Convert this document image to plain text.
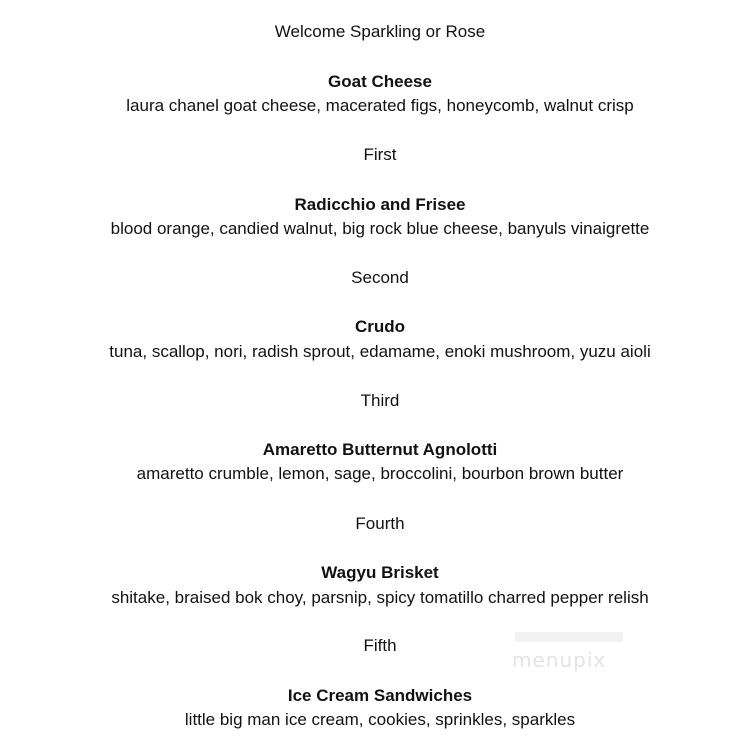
Welcome Sparkling or Rose
Goat Cheese
laura chanel goat cheese, macerated figs, honeycomb, walnut crisp
First
Radicchio and Frisee
blood orange, candied walnut, big rock blue cheese, banyuls vinaigrette
Second
Crudo
tuna, scallop, nori, radish sprout, edamame, enoki mushroom, yuzu aioli
Third
Amaretto Butternut Agnolotti
amaretto crumble, lemon, sage, broccolini, bourbon brown butter
Fourth
Wagyu Brisket
shitake, braised bok choy, parsnip, spicy tomatillo charred pepper relish
Fifth
Ice Cream Sandwiches
little big man ice cream, cookies, sprinkles, sparkles
menupix
